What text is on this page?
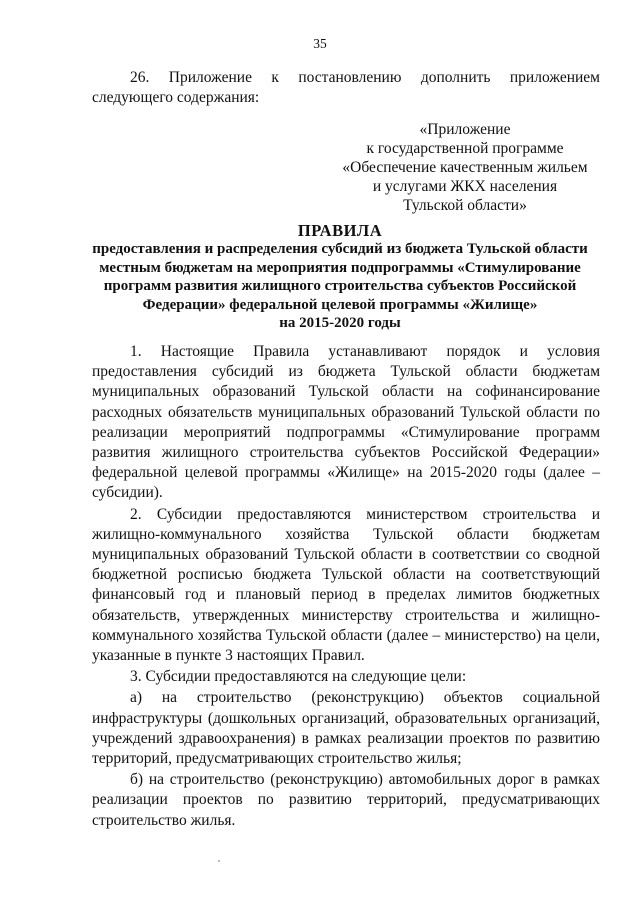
35

26. Приложение к постановлению дополнить приложением следующего содержания:

«Приложение
к государственной программе
«Обеспечение качественным жильем
и услугами ЖКХ населения
Тульской области»
ПРАВИЛА
предоставления и распределения субсидий из бюджета Тульской области
местным бюджетам на мероприятия подпрограммы «Стимулирование
программ развития жилищного строительства субъектов Российской
Федерации» федеральной целевой программы «Жилище»
на 2015-2020 годы

1. Настоящие Правила устанавливают порядок и условия предоставления субсидий из бюджета Тульской области бюджетам муниципальных образований Тульской области на софинансирование расходных обязательств муниципальных образований Тульской области по реализации мероприятий подпрограммы «Стимулирование программ развития жилищного строительства субъектов Российской Федерации» федеральной целевой программы «Жилище» на 2015-2020 годы (далее – субсидии).

2. Субсидии предоставляются министерством строительства и жилищно-коммунального хозяйства Тульской области бюджетам муниципальных образований Тульской области в соответствии со сводной бюджетной росписью бюджета Тульской области на соответствующий финансовый год и плановый период в пределах лимитов бюджетных обязательств, утвержденных министерству строительства и жилищно-коммунального хозяйства Тульской области (далее – министерство) на цели, указанные в пункте 3 настоящих Правил.

3. Субсидии предоставляются на следующие цели:

а) на строительство (реконструкцию) объектов социальной инфраструктуры (дошкольных организаций, образовательных организаций, учреждений здравоохранения) в рамках реализации проектов по развитию территорий, предусматривающих строительство жилья;

б) на строительство (реконструкцию) автомобильных дорог в рамках реализации проектов по развитию территорий, предусматривающих строительство жилья.
